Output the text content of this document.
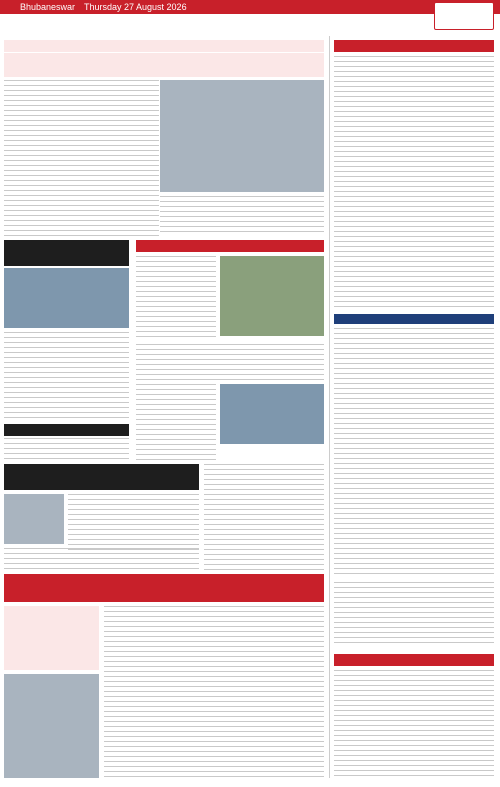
Bhubaneswar Thursday 27 August 2026
